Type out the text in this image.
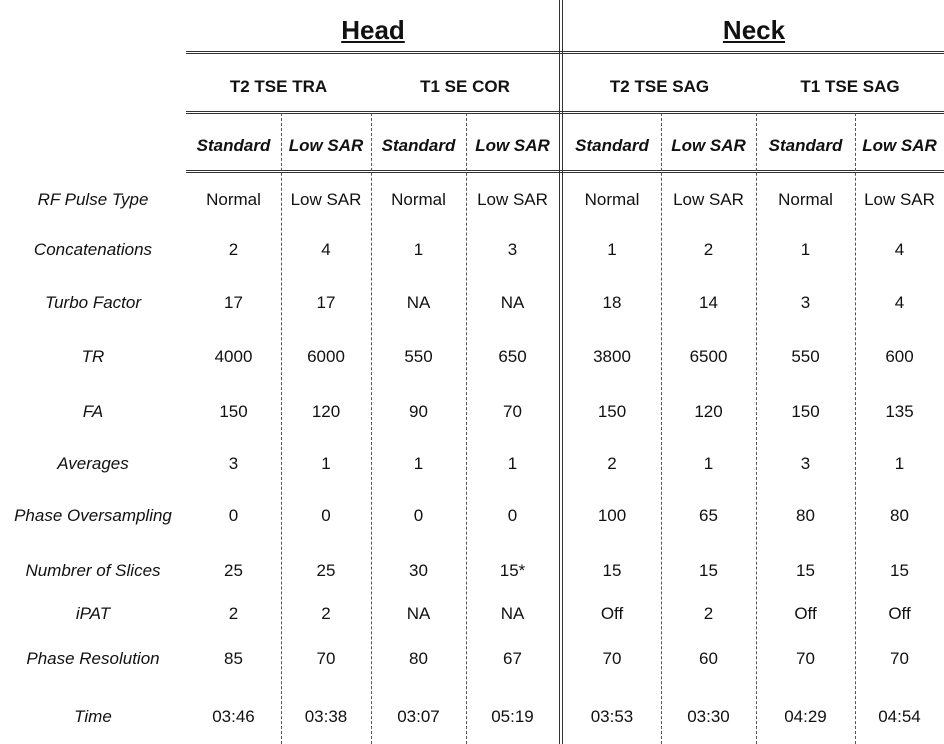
Head	Neck
T2 TSE TRA	T1 SE COR	T2 TSE SAG	T1 TSE SAG
Standard	Low SAR	Standard	Low SAR	Standard	Low SAR	Standard	Low SAR
RF Pulse Type	Normal	Low SAR	Normal	Low SAR	Normal	Low SAR	Normal	Low SAR
Concatenations	2	4	1	3	1	2	1	4
Turbo Factor	17	17	NA	NA	18	14	3	4
TR	4000	6000	550	650	3800	6500	550	600
FA	150	120	90	70	150	120	150	135
Averages	3	1	1	1	2	1	3	1
Phase Oversampling	0	0	0	0	100	65	80	80
Numbrer of Slices	25	25	30	15*	15	15	15	15
iPAT	2	2	NA	NA	Off	2	Off	Off
Phase Resolution	85	70	80	67	70	60	70	70
Time	03:46	03:38	03:07	05:19	03:53	03:30	04:29	04:54
